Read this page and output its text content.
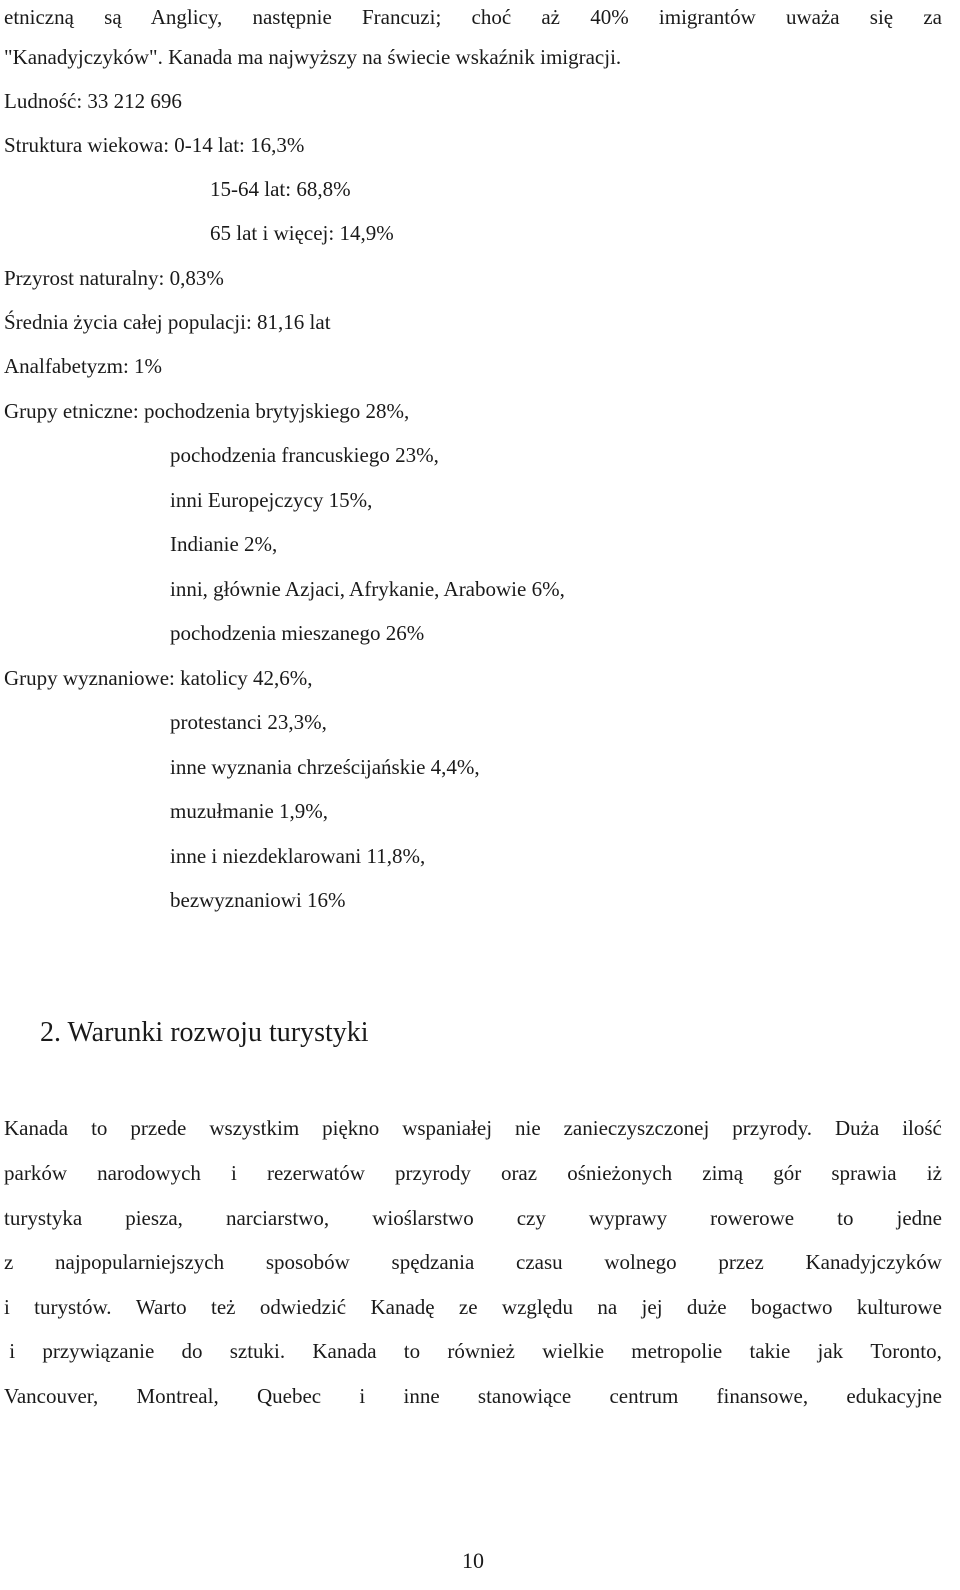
etniczną są Anglicy, następnie Francuzi; choć aż 40% imigrantów uważa się za
"Kanadyjczyków". Kanada ma najwyższy na świecie wskaźnik imigracji.
Ludność: 33 212 696
Struktura wiekowa: 0-14 lat: 16,3%
15-64 lat: 68,8%
65 lat i więcej: 14,9%
Przyrost naturalny: 0,83%
Średnia życia całej populacji: 81,16 lat
Analfabetyzm: 1%
Grupy etniczne: pochodzenia brytyjskiego 28%,
pochodzenia francuskiego 23%,
inni Europejczycy 15%,
Indianie 2%,
inni, głównie Azjaci, Afrykanie, Arabowie 6%,
pochodzenia mieszanego 26%
Grupy wyznaniowe: katolicy 42,6%,
protestanci 23,3%,
inne wyznania chrześcijańskie 4,4%,
muzułmanie 1,9%,
inne i niezdeklarowani 11,8%,
bezwyznaniowi 16%
2. Warunki rozwoju turystyki
Kanada to przede wszystkim piękno wspaniałej nie zanieczyszczonej przyrody. Duża ilość
parków narodowych i rezerwatów przyrody oraz ośnieżonych zimą gór sprawia iż
turystyka piesza, narciarstwo, wioślarstwo czy wyprawy rowerowe to jedne
z najpopularniejszych sposobów spędzania czasu wolnego przez Kanadyjczyków
i turystów. Warto też odwiedzić Kanadę ze względu na jej duże bogactwo kulturowe
i przywiązanie do sztuki. Kanada to również wielkie metropolie takie jak Toronto,
Vancouver, Montreal, Quebec i inne stanowiące centrum finansowe, edukacyjne
10
